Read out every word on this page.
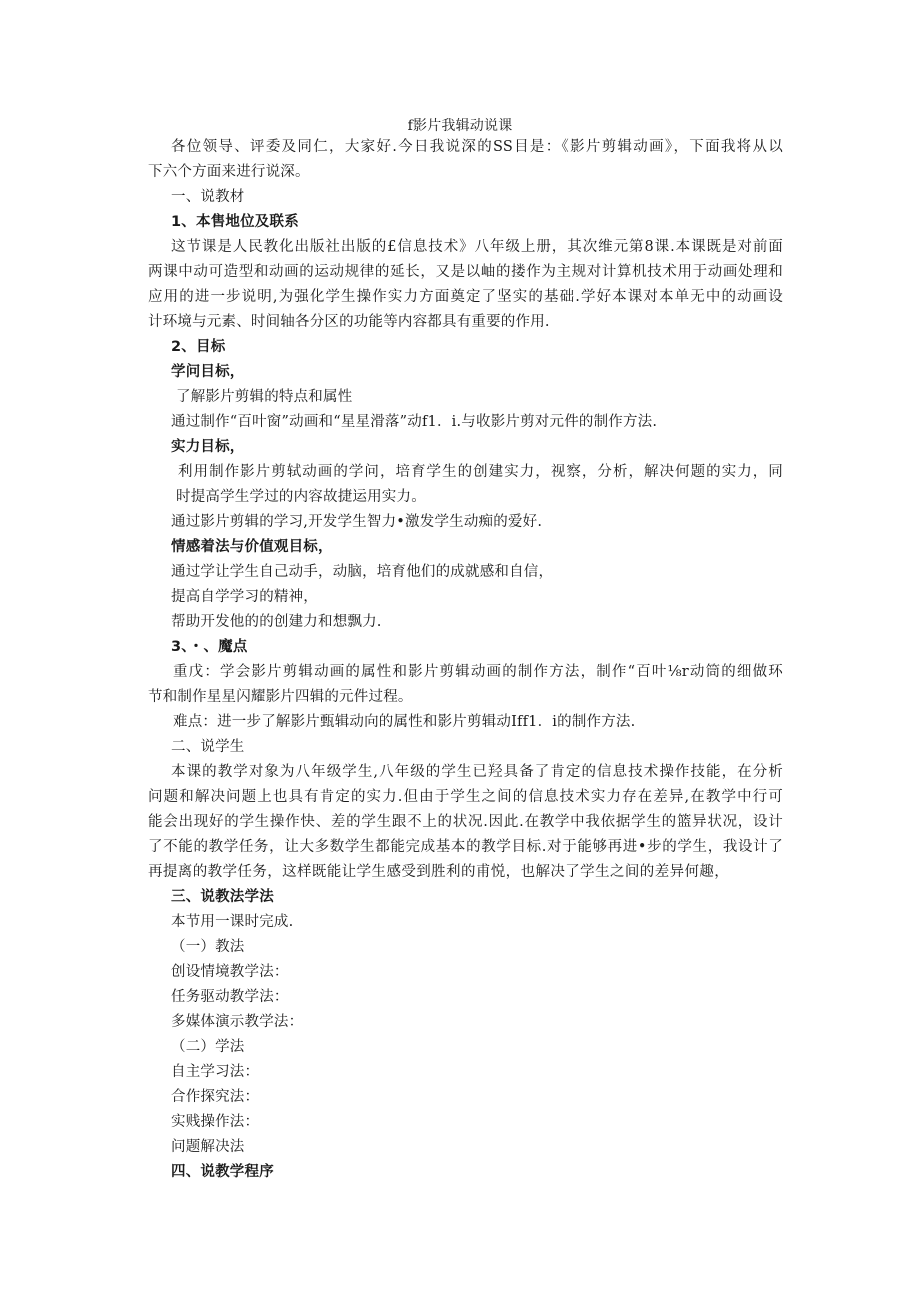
f影片我辑动说课
各位领导、评委及同仁，大家好.今日我说深的SS目是：《影片剪辑动画》，下面我将从以
下六个方面来进行说深。
一、说教材
1、本售地位及联系
这节课是人民教化出版社出版的£信息技术》八年级上册，其次维元第8课.本课既是对前面
两课中动可造型和动画的运动规律的延长，又是以岫的搂作为主规对计算机技术用于动画处理和
应用的进一步说明,为强化学生操作实力方面奠定了坚实的基础.学好本课对本单无中的动画设
计环境与元素、时间轴各分区的功能等内容都具有重要的作用.
2、目标
学问目标，
了解影片剪辑的特点和属性
通过制作“百叶窗”动画和“星星滑落”动f1．i.与收影片剪对元件的制作方法.
实力目标，
利用制作影片剪轼动画的学问，培育学生的创建实力，视察，分析，解决何题的实力，同
时提高学生学过的内容故捷运用实力。
通过影片剪辑的学习,开发学生智力•激发学生动痴的爱好.
情感着法与价值观目标，
通过学让学生自己动手，动脑，培育他们的成就感和自信，
提高自学学习的精神，
帮助开发他的的创建力和想飘力.
3、・、魔点
重戊：学会影片剪辑动画的属性和影片剪辑动画的制作方法，制作“百叶⅛r动筒的细做环
节和制作星星闪耀影片四辑的元件过程。
难点：进一步了解影片甄辑动向的属性和影片剪辑动Iff1．i的制作方法.
二、说学生
本课的教学对象为八年级学生,八年级的学生已羟具备了肯定的信息技术操作技能，在分析
问题和解决问题上也具有肯定的实力.但由于学生之间的信息技术实力存在差异,在教学中行可
能会出现好的学生操作快、差的学生跟不上的状况.因此.在教学中我依据学生的篮异状况，设计
了不能的教学任务，让大多数学生都能完成基本的教学目标.对于能够再进•步的学生，我设计了
再提离的教学任务，这样既能让学生感受到胜利的甫悦，也解决了学生之间的差异何趣，
三、说教法学法
本节用一课时完成.
（一）教法
创设情境教学法：
任务驱动教学法：
多媒体演示教学法：
（二）学法
自主学习法：
合作探究法：
实贱操作法：
问题解决法
四、说教学程序
